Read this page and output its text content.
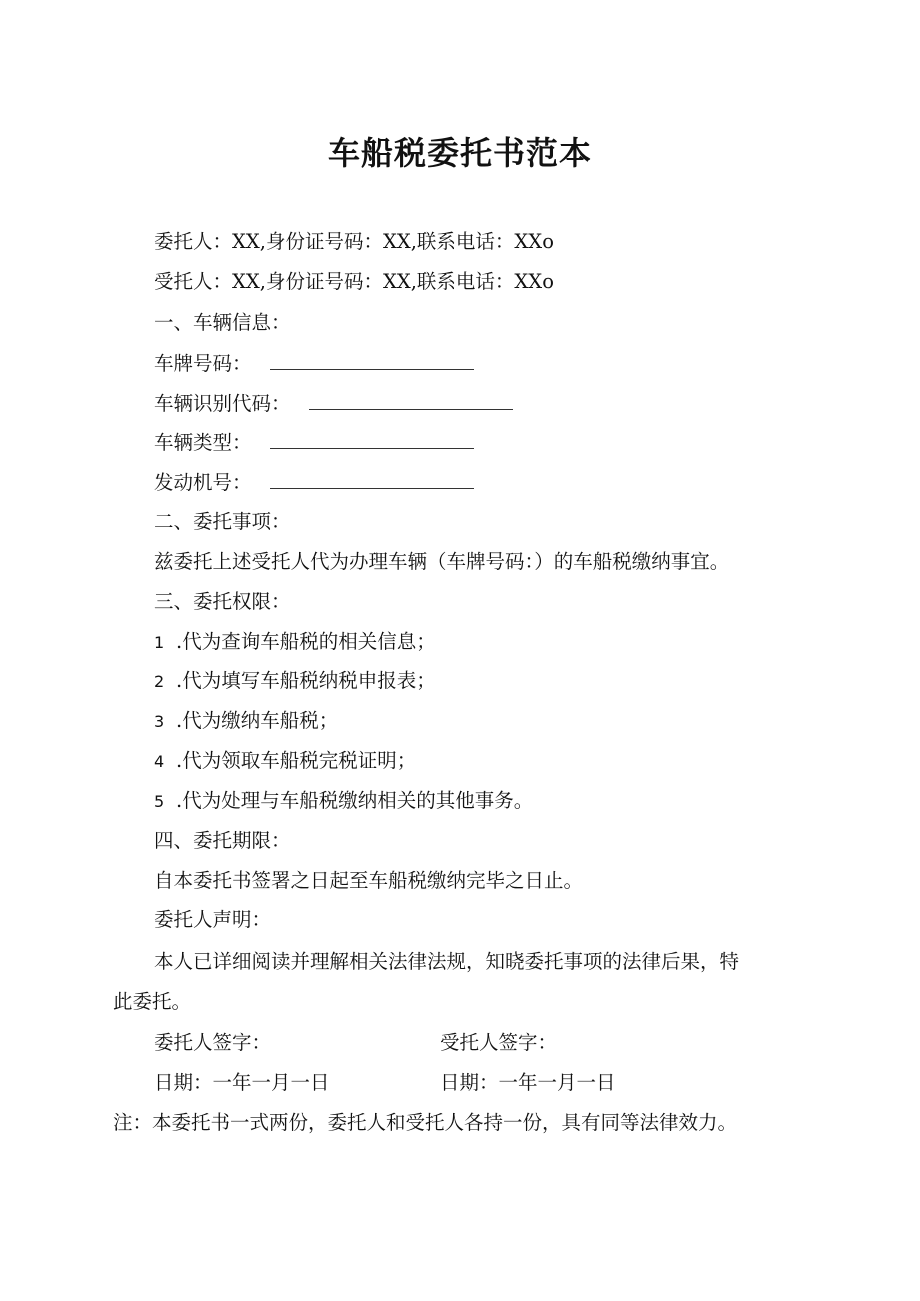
车船税委托书范本
委托人：XX,身份证号码：XX,联系电话：XXo
受托人：XX,身份证号码：XX,联系电话：XXo
一、车辆信息：
车牌号码：
车辆识别代码：
车辆类型：
发动机号：
二、委托事项：
兹委托上述受托人代为办理车辆（车牌号码：）的车船税缴纳事宜。
三、委托权限：
1 .代为查询车船税的相关信息；
2 .代为填写车船税纳税申报表；
3 .代为缴纳车船税；
4 .代为领取车船税完税证明；
5 .代为处理与车船税缴纳相关的其他事务。
四、委托期限：
自本委托书签署之日起至车船税缴纳完毕之日止。
委托人声明：
本人已详细阅读并理解相关法律法规，知晓委托事项的法律后果，特
此委托。
委托人签字：	受托人签字：
日期：一年一月一日	日期：一年一月一日
注：本委托书一式两份，委托人和受托人各持一份，具有同等法律效力。
